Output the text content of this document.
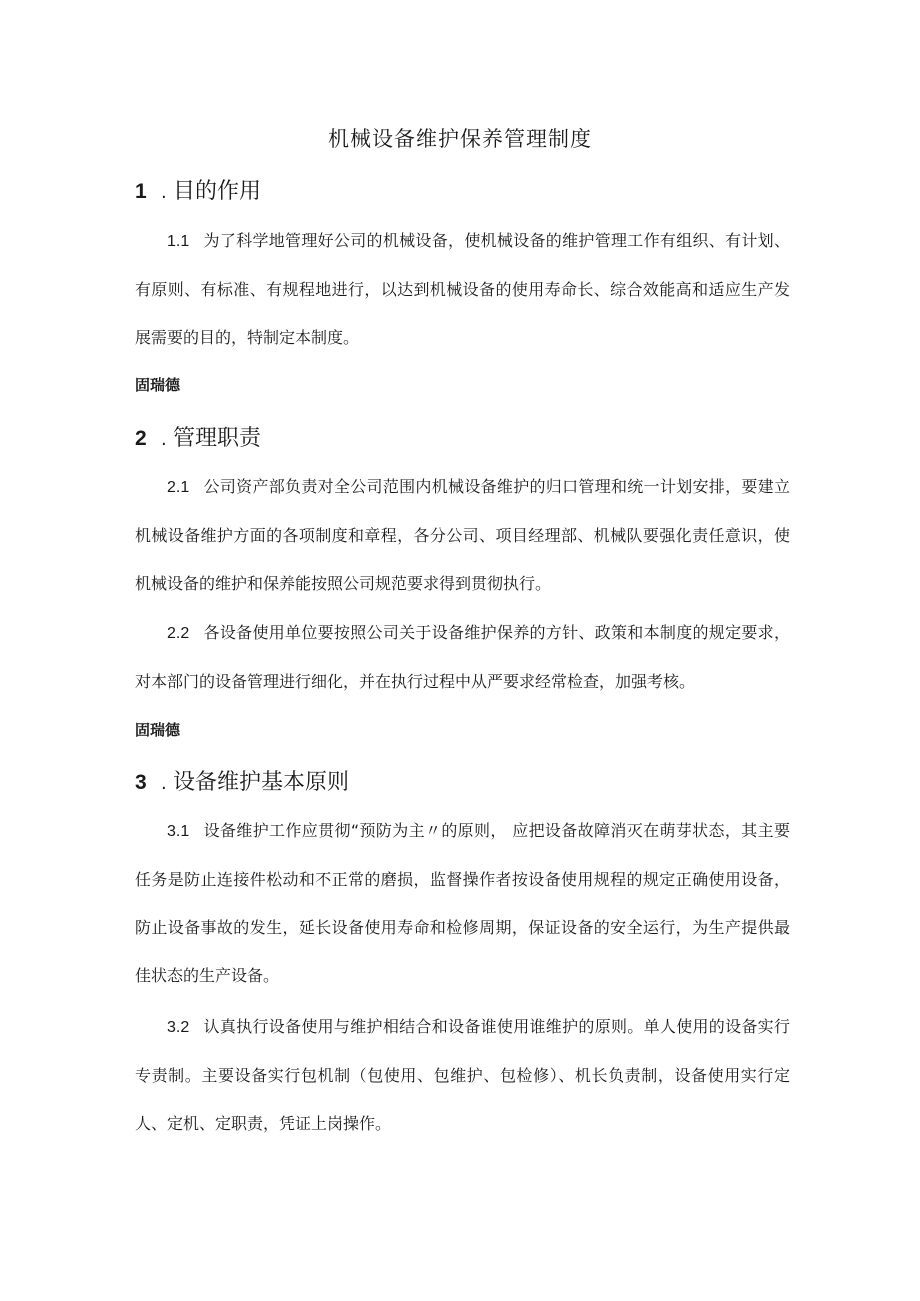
机械设备维护保养管理制度
1 . 目的作用
1.1 为了科学地管理好公司的机械设备，使机械设备的维护管理工作有组织、有计划、有原则、有标准、有规程地进行，以达到机械设备的使用寿命长、综合效能高和适应生产发展需要的目的，特制定本制度。
固瑞德
2 . 管理职责
2.1 公司资产部负责对全公司范围内机械设备维护的归口管理和统一计划安排，要建立机械设备维护方面的各项制度和章程，各分公司、项目经理部、机械队要强化责任意识，使机械设备的维护和保养能按照公司规范要求得到贯彻执行。
2.2 各设备使用单位要按照公司关于设备维护保养的方针、政策和本制度的规定要求，对本部门的设备管理进行细化，并在执行过程中从严要求经常检查，加强考核。
固瑞德
3 . 设备维护基本原则
3.1 设备维护工作应贯彻“预防为主〃的原则， 应把设备故障消灭在萌芽状态，其主要任务是防止连接件松动和不正常的磨损，监督操作者按设备使用规程的规定正确使用设备，防止设备事故的发生，延长设备使用寿命和检修周期，保证设备的安全运行，为生产提供最佳状态的生产设备。
3.2 认真执行设备使用与维护相结合和设备谁使用谁维护的原则。单人使用的设备实行专责制。主要设备实行包机制（包使用、包维护、包检修）、机长负责制，设备使用实行定人、定机、定职责，凭证上岗操作。
